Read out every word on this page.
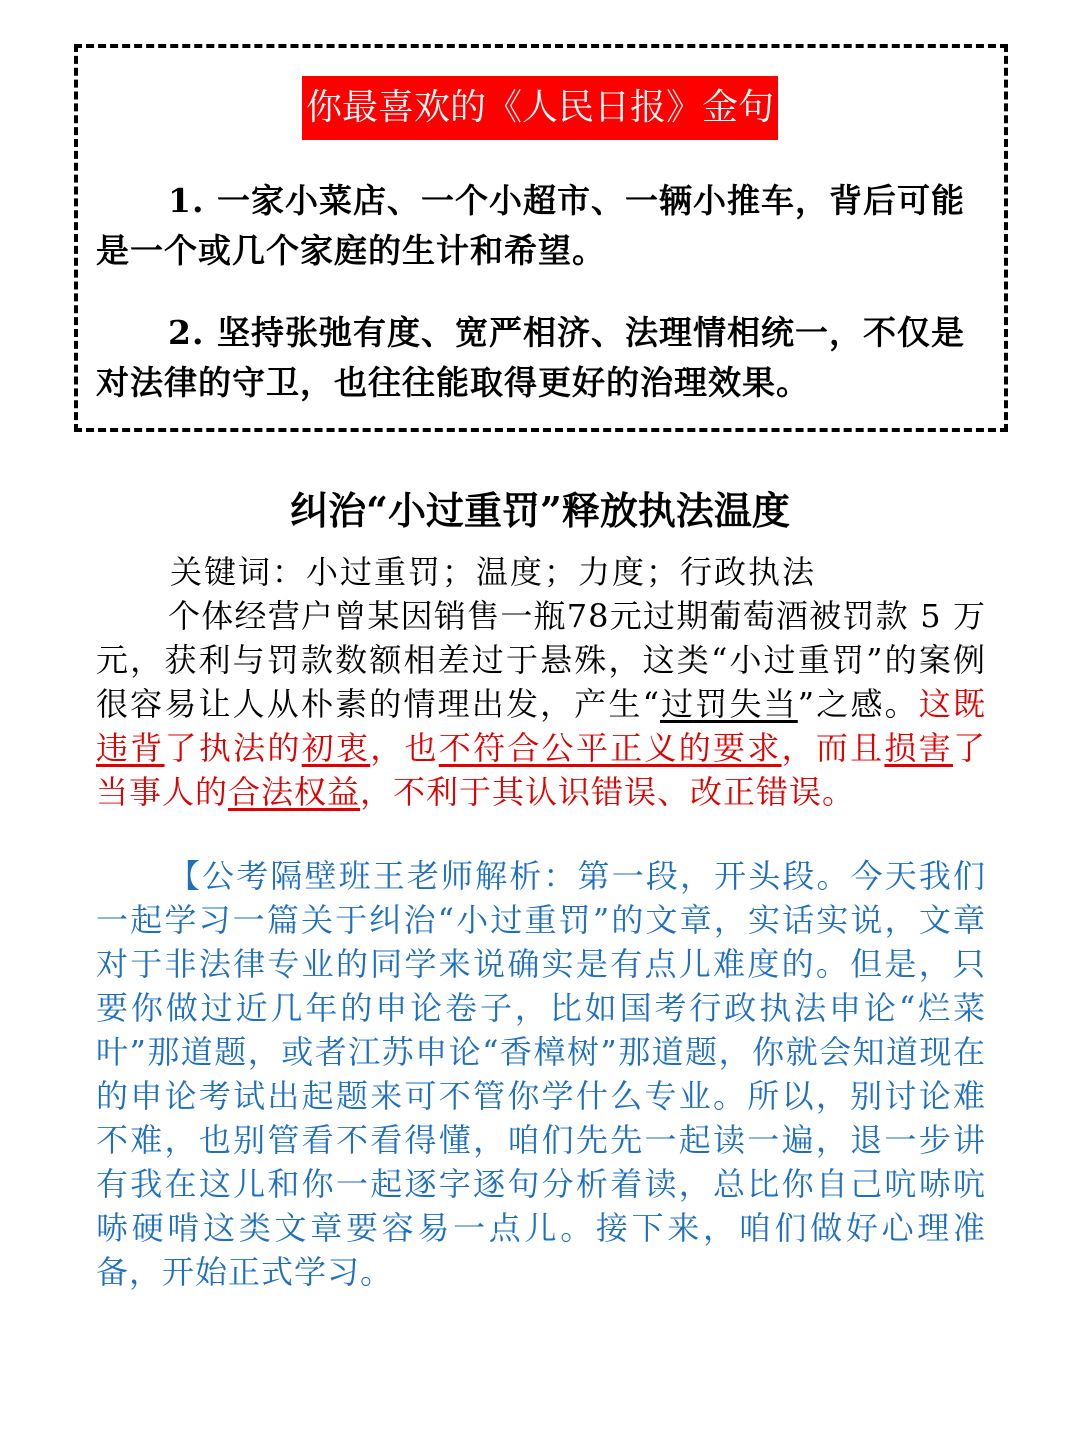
你最喜欢的《人民日报》金句

1. 一家小菜店、一个小超市、一辆小推车，背后可能是一个或几个家庭的生计和希望。

2. 坚持张弛有度、宽严相济、法理情相统一，不仅是对法律的守卫，也往往能取得更好的治理效果。

纠治“小过重罚”释放执法温度

关键词：小过重罚；温度；力度；行政执法

个体经营户曾某因销售一瓶78元过期葡萄酒被罚款 5 万元，获利与罚款数额相差过于悬殊，这类“小过重罚”的案例很容易让人从朴素的情理出发，产生“过罚失当”之感。这既违背了执法的初衷，也不符合公平正义的要求，而且损害了当事人的合法权益，不利于其认识错误、改正错误。

【公考隔壁班王老师解析：第一段，开头段。今天我们一起学习一篇关于纠治“小过重罚”的文章，实话实说，文章对于非法律专业的同学来说确实是有点儿难度的。但是，只要你做过近几年的申论卷子，比如国考行政执法申论“烂菜叶”那道题，或者江苏申论“香樟树”那道题，你就会知道现在的申论考试出起题来可不管你学什么专业。所以，别讨论难不难，也别管看不看得懂，咱们先先一起读一遍，退一步讲有我在这儿和你一起逐字逐句分析着读，总比你自己吭哧吭哧硬啃这类文章要容易一点儿。接下来，咱们做好心理准备，开始正式学习。
